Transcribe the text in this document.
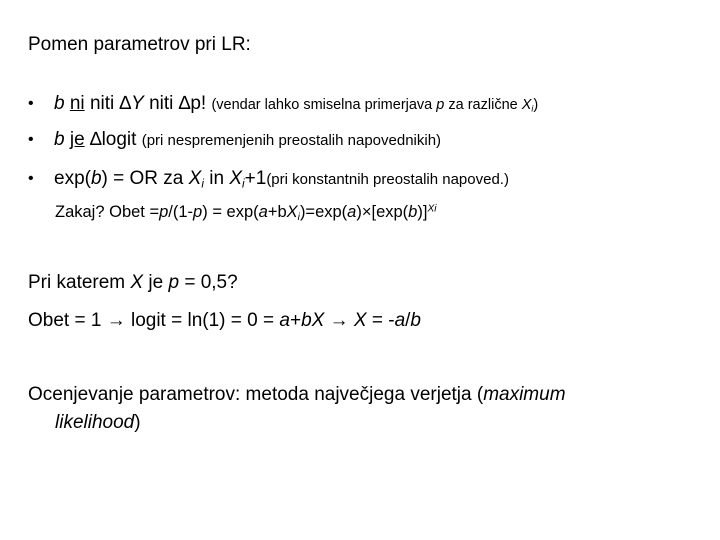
Pomen parametrov pri LR:
• b ni niti ∆Y niti ∆p! (vendar lahko smiselna primerjava p za različne $X_i$)
• b je ∆logit (pri nespremenjenih preostalih napovednikih)
• exp(b) = OR za $X_i$ in $X_i+1(pri$ konstantnih preostalih napoved.)
Zakaj? Obet $=p/(1-p) = \exp(a+bX_i)=\exp(a)\times[\exp(b)]^{Xi}$
Pri katerem X je p = 0,5?
Obet = 1 → logit = ln(1) = 0 = a+bX → X = -a/b
Ocenjevanje parametrov: metoda največjega verjetja (maximum
likelihood)
